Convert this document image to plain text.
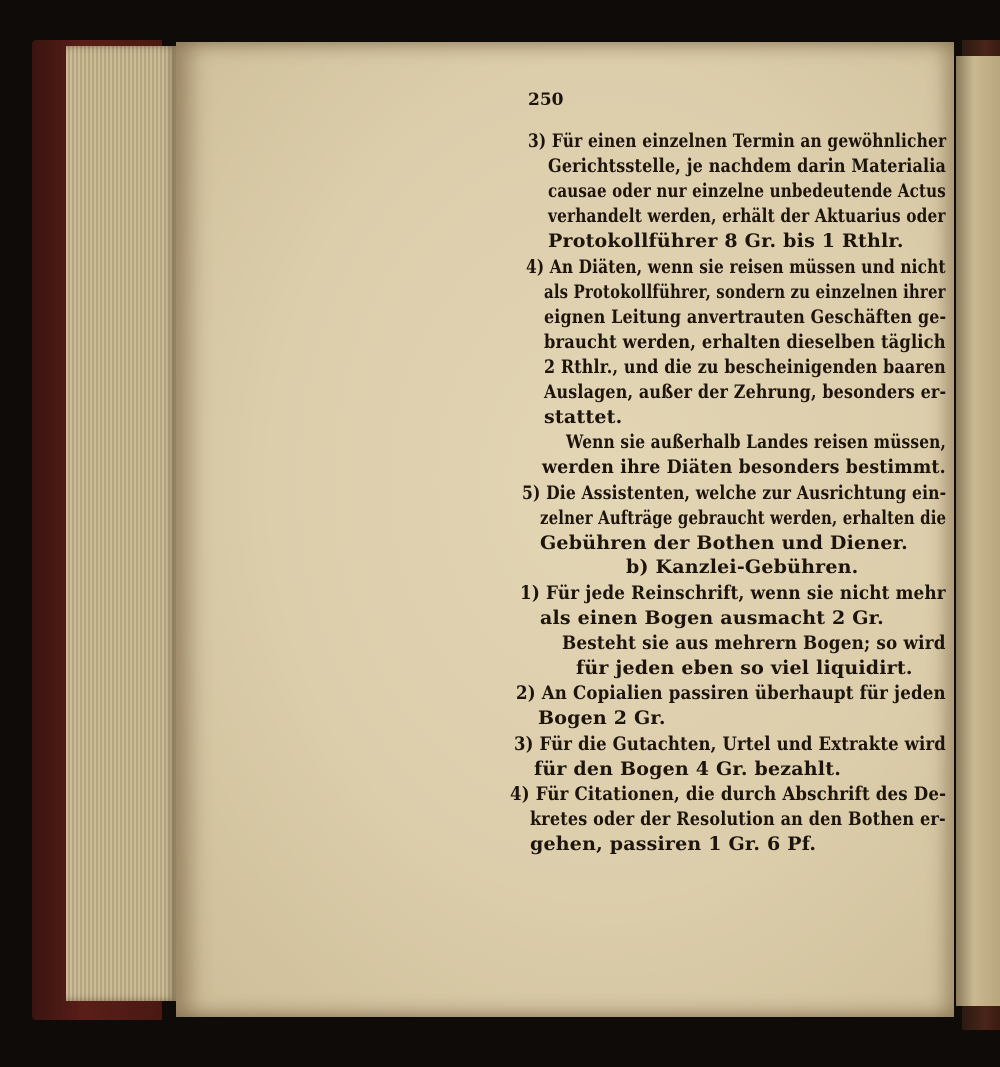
250
3) Für einen einzelnen Termin an gewöhnlicher
Gerichtsstelle, je nachdem darin Materialia
causae oder nur einzelne unbedeutende Actus
verhandelt werden, erhält der Aktuarius oder
Protokollführer 8 Gr. bis 1 Rthlr.
4) An Diäten, wenn sie reisen müssen und nicht
als Protokollführer, sondern zu einzelnen ihrer
eignen Leitung anvertrauten Geschäften ge-
braucht werden, erhalten dieselben täglich
2 Rthlr., und die zu bescheinigenden baaren
Auslagen, außer der Zehrung, besonders er-
stattet.
Wenn sie außerhalb Landes reisen müssen,
werden ihre Diäten besonders bestimmt.
5) Die Assistenten, welche zur Ausrichtung ein-
zelner Aufträge gebraucht werden, erhalten die
Gebühren der Bothen und Diener.
b) Kanzlei-Gebühren.
1) Für jede Reinschrift, wenn sie nicht mehr
als einen Bogen ausmacht 2 Gr.
Besteht sie aus mehrern Bogen; so wird
für jeden eben so viel liquidirt.
2) An Copialien passiren überhaupt für jeden
Bogen 2 Gr.
3) Für die Gutachten, Urtel und Extrakte wird
für den Bogen 4 Gr. bezahlt.
4) Für Citationen, die durch Abschrift des De-
kretes oder der Resolution an den Bothen er-
gehen, passiren 1 Gr. 6 Pf.
